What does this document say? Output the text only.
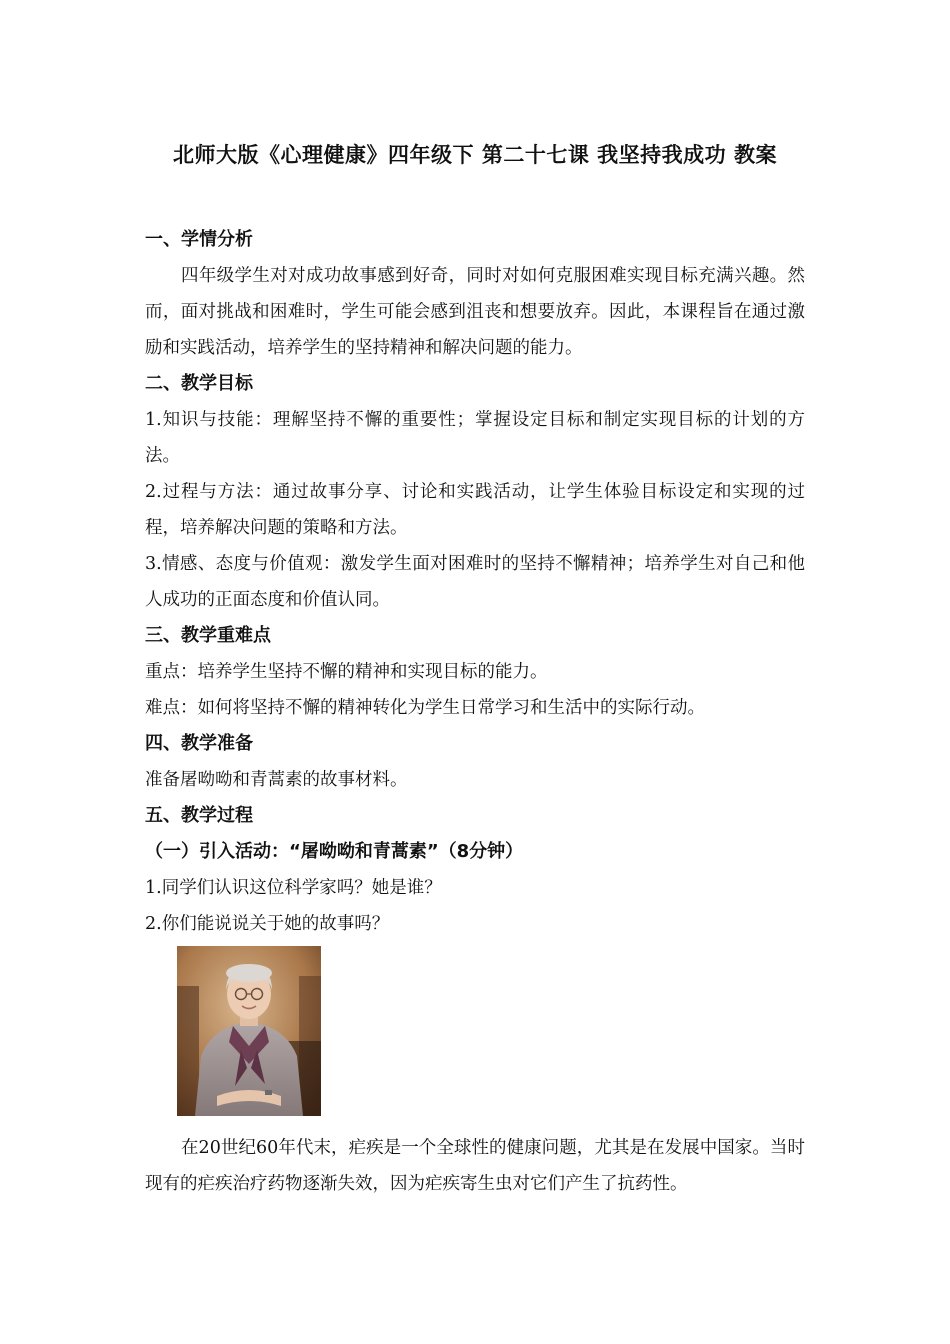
北师大版《心理健康》四年级下 第二十七课 我坚持我成功 教案
一、学情分析
四年级学生对对成功故事感到好奇，同时对如何克服困难实现目标充满兴趣。然而，面对挑战和困难时，学生可能会感到沮丧和想要放弃。因此，本课程旨在通过激励和实践活动，培养学生的坚持精神和解决问题的能力。
二、教学目标
1.知识与技能：理解坚持不懈的重要性；掌握设定目标和制定实现目标的计划的方法。
2.过程与方法：通过故事分享、讨论和实践活动，让学生体验目标设定和实现的过程，培养解决问题的策略和方法。
3.情感、态度与价值观：激发学生面对困难时的坚持不懈精神；培养学生对自己和他人成功的正面态度和价值认同。
三、教学重难点
重点：培养学生坚持不懈的精神和实现目标的能力。
难点：如何将坚持不懈的精神转化为学生日常学习和生活中的实际行动。
四、教学准备
准备屠呦呦和青蒿素的故事材料。
五、教学过程
（一）引入活动：“屠呦呦和青蒿素”（8分钟）
1.同学们认识这位科学家吗？她是谁？
2.你们能说说关于她的故事吗？
在20世纪60年代末，疟疾是一个全球性的健康问题，尤其是在发展中国家。当时现有的疟疾治疗药物逐渐失效，因为疟疾寄生虫对它们产生了抗药性。
